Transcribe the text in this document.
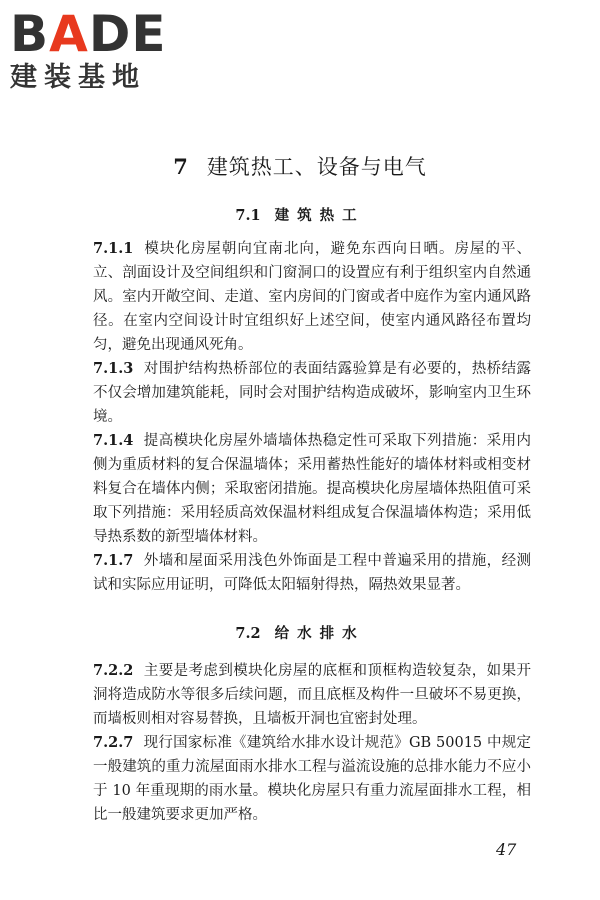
BADE
建装基地
7 建筑热工、设备与电气
7.1 建筑热工

7.1.1 模块化房屋朝向宜南北向，避免东西向日晒。房屋的平、立、剖面设计及空间组织和门窗洞口的设置应有利于组织室内自然通风。室内开敞空间、走道、室内房间的门窗或者中庭作为室内通风路径。在室内空间设计时宜组织好上述空间，使室内通风路径布置均匀，避免出现通风死角。

7.1.3 对围护结构热桥部位的表面结露验算是有必要的，热桥结露不仅会增加建筑能耗，同时会对围护结构造成破坏，影响室内卫生环境。

7.1.4 提高模块化房屋外墙墙体热稳定性可采取下列措施：采用内侧为重质材料的复合保温墙体；采用蓄热性能好的墙体材料或相变材料复合在墙体内侧；采取密闭措施。提高模块化房屋墙体热阻值可采取下列措施：采用轻质高效保温材料组成复合保温墙体构造；采用低导热系数的新型墙体材料。

7.1.7 外墙和屋面采用浅色外饰面是工程中普遍采用的措施，经测试和实际应用证明，可降低太阳辐射得热，隔热效果显著。

7.2 给水排水

7.2.2 主要是考虑到模块化房屋的底框和顶框构造较复杂，如果开洞将造成防水等很多后续问题，而且底框及构件一旦破坏不易更换，而墙板则相对容易替换，且墙板开洞也宜密封处理。

7.2.7 现行国家标准《建筑给水排水设计规范》GB 50015 中规定一般建筑的重力流屋面雨水排水工程与溢流设施的总排水能力不应小于 10 年重现期的雨水量。模块化房屋只有重力流屋面排水工程，相比一般建筑要求更加严格。

47
